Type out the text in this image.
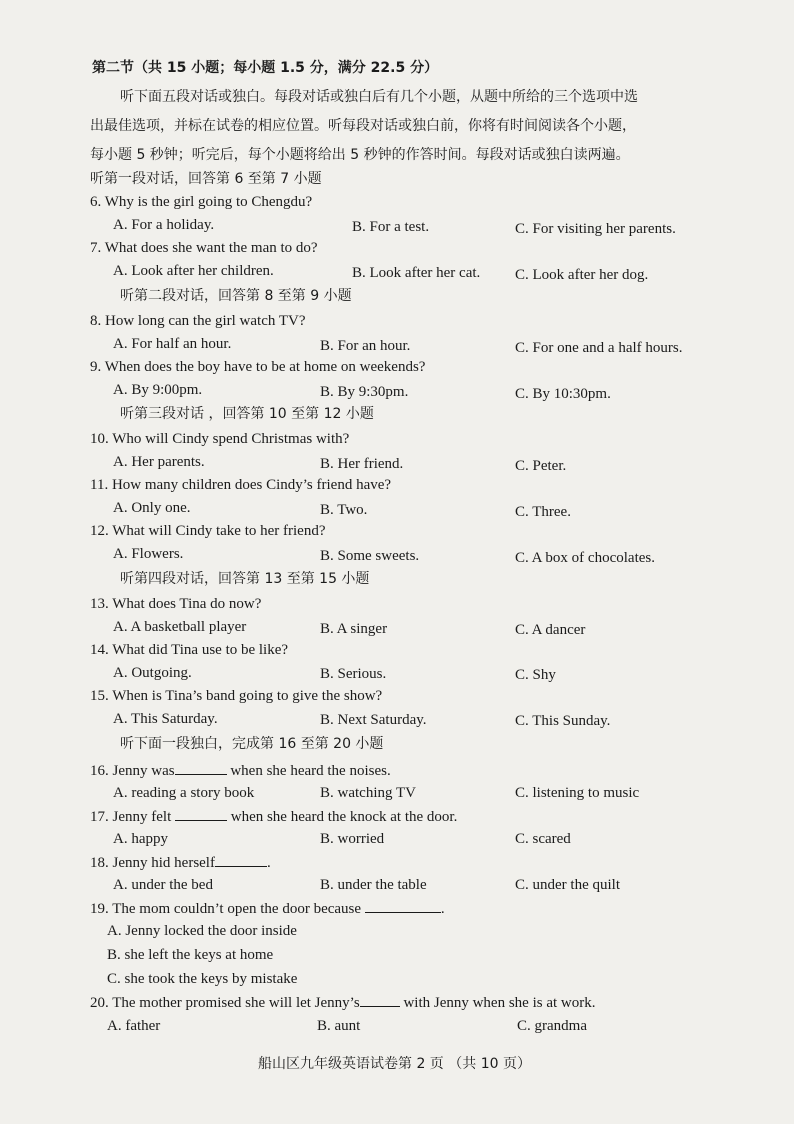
第二节（共 15 小题；每小题 1.5 分，满分 22.5 分）
听下面五段对话或独白。每段对话或独白后有几个小题，从题中所给的三个选项中选
出最佳选项，并标在试卷的相应位置。听每段对话或独白前，你将有时间阅读各个小题，
每小题 5 秒钟；听完后，每个小题将给出 5 秒钟的作答时间。每段对话或独白读两遍。
听第一段对话，回答第 6 至第 7 小题
6. Why is the girl going to Chengdu?
A. For a holiday.	B. For a test.	C. For visiting her parents.
7. What does she want the man to do?
A. Look after her children.	B. Look after her cat. C. Look after her dog.
听第二段对话，回答第 8 至第 9 小题
8. How long can the girl watch TV?
A. For half an hour.	B. For an hour.	C. For one and a half hours.
9. When does the boy have to be at home on weekends?
A. By 9:00pm.	B. By 9:30pm.	C. By 10:30pm.
听第三段对话 ，回答第 10 至第 12 小题
10. Who will Cindy spend Christmas with?
A. Her parents.	B. Her friend.	C. Peter.
11. How many children does Cindy’s friend have?
A. Only one.	B. Two.	C. Three.
12. What will Cindy take to her friend?
A. Flowers.	B. Some sweets.	C. A box of chocolates.
听第四段对话，回答第 13 至第 15 小题
13. What does Tina do now?
A. A basketball player	B. A singer	C. A dancer
14. What did Tina use to be like?
A. Outgoing.	B. Serious.	C. Shy
15. When is Tina’s band going to give the show?
A. This Saturday.	B. Next Saturday.	C. This Sunday.
听下面一段独白，完成第 16 至第 20 小题
16. Jenny was	when she heard the noises.
A. reading a story book	B. watching TV	C. listening to music
17. Jenny felt	when she heard the knock at the door.
A. happy	B. worried	C. scared
18. Jenny hid herself	.
A. under the bed	B. under the table	C. under the quilt
19. The mom couldn’t open the door because	.
A. Jenny locked the door inside
B. she left the keys at home
C. she took the keys by mistake
20. The mother promised she will let Jenny’s	with Jenny when she is at work.
A. father	B. aunt	C. grandma
船山区九年级英语试卷第 2 页 （共 10 页）
